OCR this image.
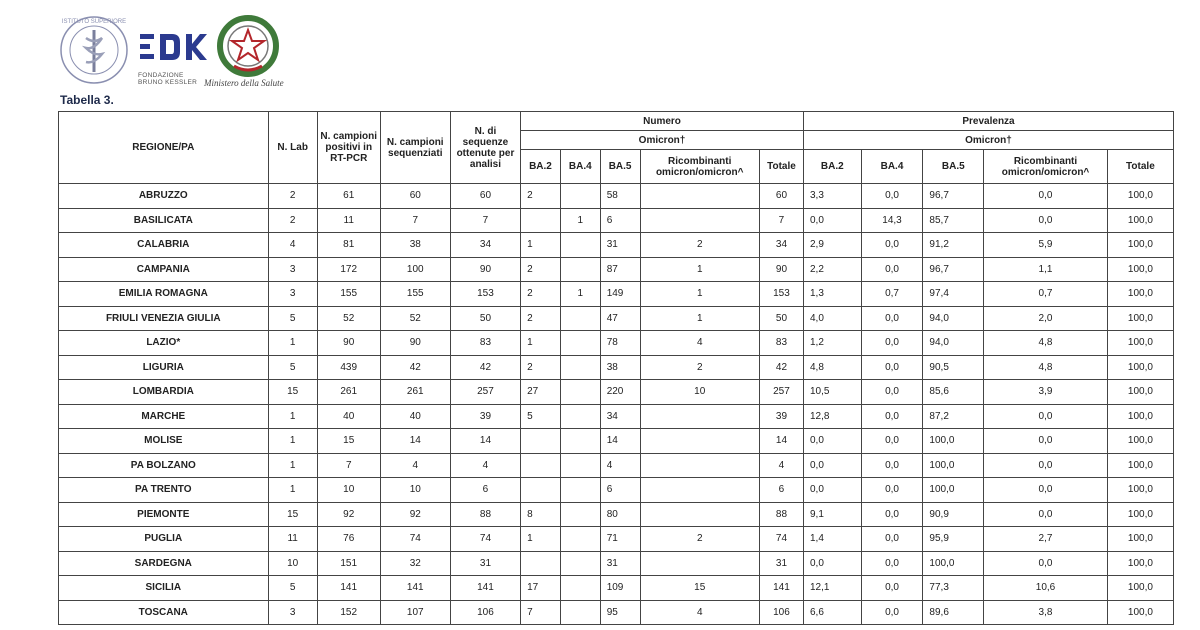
ISTITUTO SUPERIORE
FONDAZIONE
BRUNO KESSLER Ministero della Salute
Tabella 3.
REGIONE/PA	N. Lab	N. campioni positivi in RT-PCR	N. campioni sequenziati	N. di sequenze ottenute per analisi	Numero					Prevalenza				
					Omicron†					Omicron†				
					BA.2	BA.4	BA.5	Ricombinanti omicron/omicron^	Totale	BA.2	BA.4	BA.5	Ricombinanti omicron/omicron^	Totale
ABRUZZO	2	61	60	60	2		58		60	3,3	0,0	96,7	0,0	100,0
BASILICATA	2	11	7	7		1	6		7	0,0	14,3	85,7	0,0	100,0
CALABRIA	4	81	38	34	1		31	2	34	2,9	0,0	91,2	5,9	100,0
CAMPANIA	3	172	100	90	2		87	1	90	2,2	0,0	96,7	1,1	100,0
EMILIA ROMAGNA	3	155	155	153	2	1	149	1	153	1,3	0,7	97,4	0,7	100,0
FRIULI VENEZIA GIULIA	5	52	52	50	2		47	1	50	4,0	0,0	94,0	2,0	100,0
LAZIO*	1	90	90	83	1		78	4	83	1,2	0,0	94,0	4,8	100,0
LIGURIA	5	439	42	42	2		38	2	42	4,8	0,0	90,5	4,8	100,0
LOMBARDIA	15	261	261	257	27		220	10	257	10,5	0,0	85,6	3,9	100,0
MARCHE	1	40	40	39	5		34		39	12,8	0,0	87,2	0,0	100,0
MOLISE	1	15	14	14			14		14	0,0	0,0	100,0	0,0	100,0
PA BOLZANO	1	7	4	4			4		4	0,0	0,0	100,0	0,0	100,0
PA TRENTO	1	10	10	6			6		6	0,0	0,0	100,0	0,0	100,0
PIEMONTE	15	92	92	88	8		80		88	9,1	0,0	90,9	0,0	100,0
PUGLIA	11	76	74	74	1		71	2	74	1,4	0,0	95,9	2,7	100,0
SARDEGNA	10	151	32	31			31		31	0,0	0,0	100,0	0,0	100,0
SICILIA	5	141	141	141	17		109	15	141	12,1	0,0	77,3	10,6	100,0
TOSCANA	3	152	107	106	7		95	4	106	6,6	0,0	89,6	3,8	100,0
